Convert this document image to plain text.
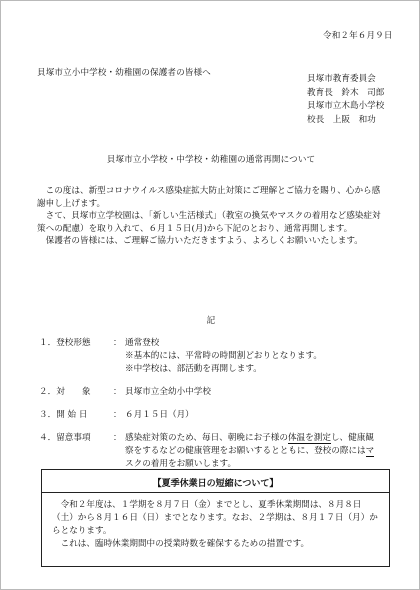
令和２年６月９日
貝塚市立小中学校・幼稚園の保護者の皆様へ
貝塚市教育委員会
教育長　鈴木　司郎
貝塚市立木島小学校
校長　上阪　和功
貝塚市立小学校・中学校・幼稚園の通常再開について

この度は、新型コロナウイルス感染症拡大防止対策にご理解とご協力を賜り、心から感謝申し上げます。

さて、貝塚市立学校園は、「新しい生活様式」（教室の換気やマスクの着用など感染症対策への配慮）を取り入れて、６月１５日(月)から下記のとおり、通常再開します。

保護者の皆様には、ご理解ご協力いただきますよう、よろしくお願いいたします。

記
１．登校形態	： 通常登校
※基本的には、平常時の時間割どおりとなります。
※中学校は、部活動を再開します。
２．対　　象	： 貝塚市立全幼小中学校
３．開 始 日	： ６月１５日（月）
４．留意事項	： 感染症対策のため、毎日、朝晩にお子様の体温を測定し、健康観
察をするなどの健康管理をお願いするとともに、登校の際にはマ
スクの着用をお願いします。
【夏季休業日の短縮について】

令和２年度は、１学期を８月７日（金）までとし、夏季休業期間は、８月８日（土）から８月１６日（日）までとなります。なお、２学期は、８月１７日（月）からとなります。

これは、臨時休業期間中の授業時数を確保するための措置です。
